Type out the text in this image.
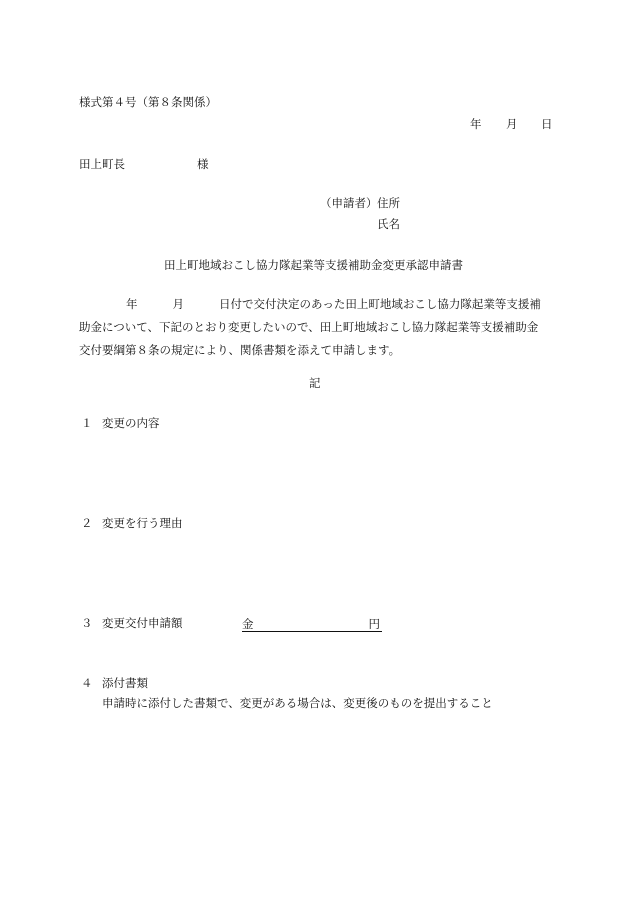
様式第４号（第８条関係）
年 月 日
田上町長	様
（申請者） 住所
氏名
田上町地域おこし協力隊起業等支援補助金変更承認申請書
年	月	日付で交付決定のあった田上町地域おこし協力隊起業等支援補
助金について、下記のとおり変更したいので、田上町地域おこし協力隊起業等支援補助金
交付要綱第８条の規定により、関係書類を添えて申請します。
記
１ 変更の内容
２ 変更を行う理由
３ 変更交付申請額	金	円
４ 添付書類
申請時に添付した書類で、変更がある場合は、変更後のものを提出すること
